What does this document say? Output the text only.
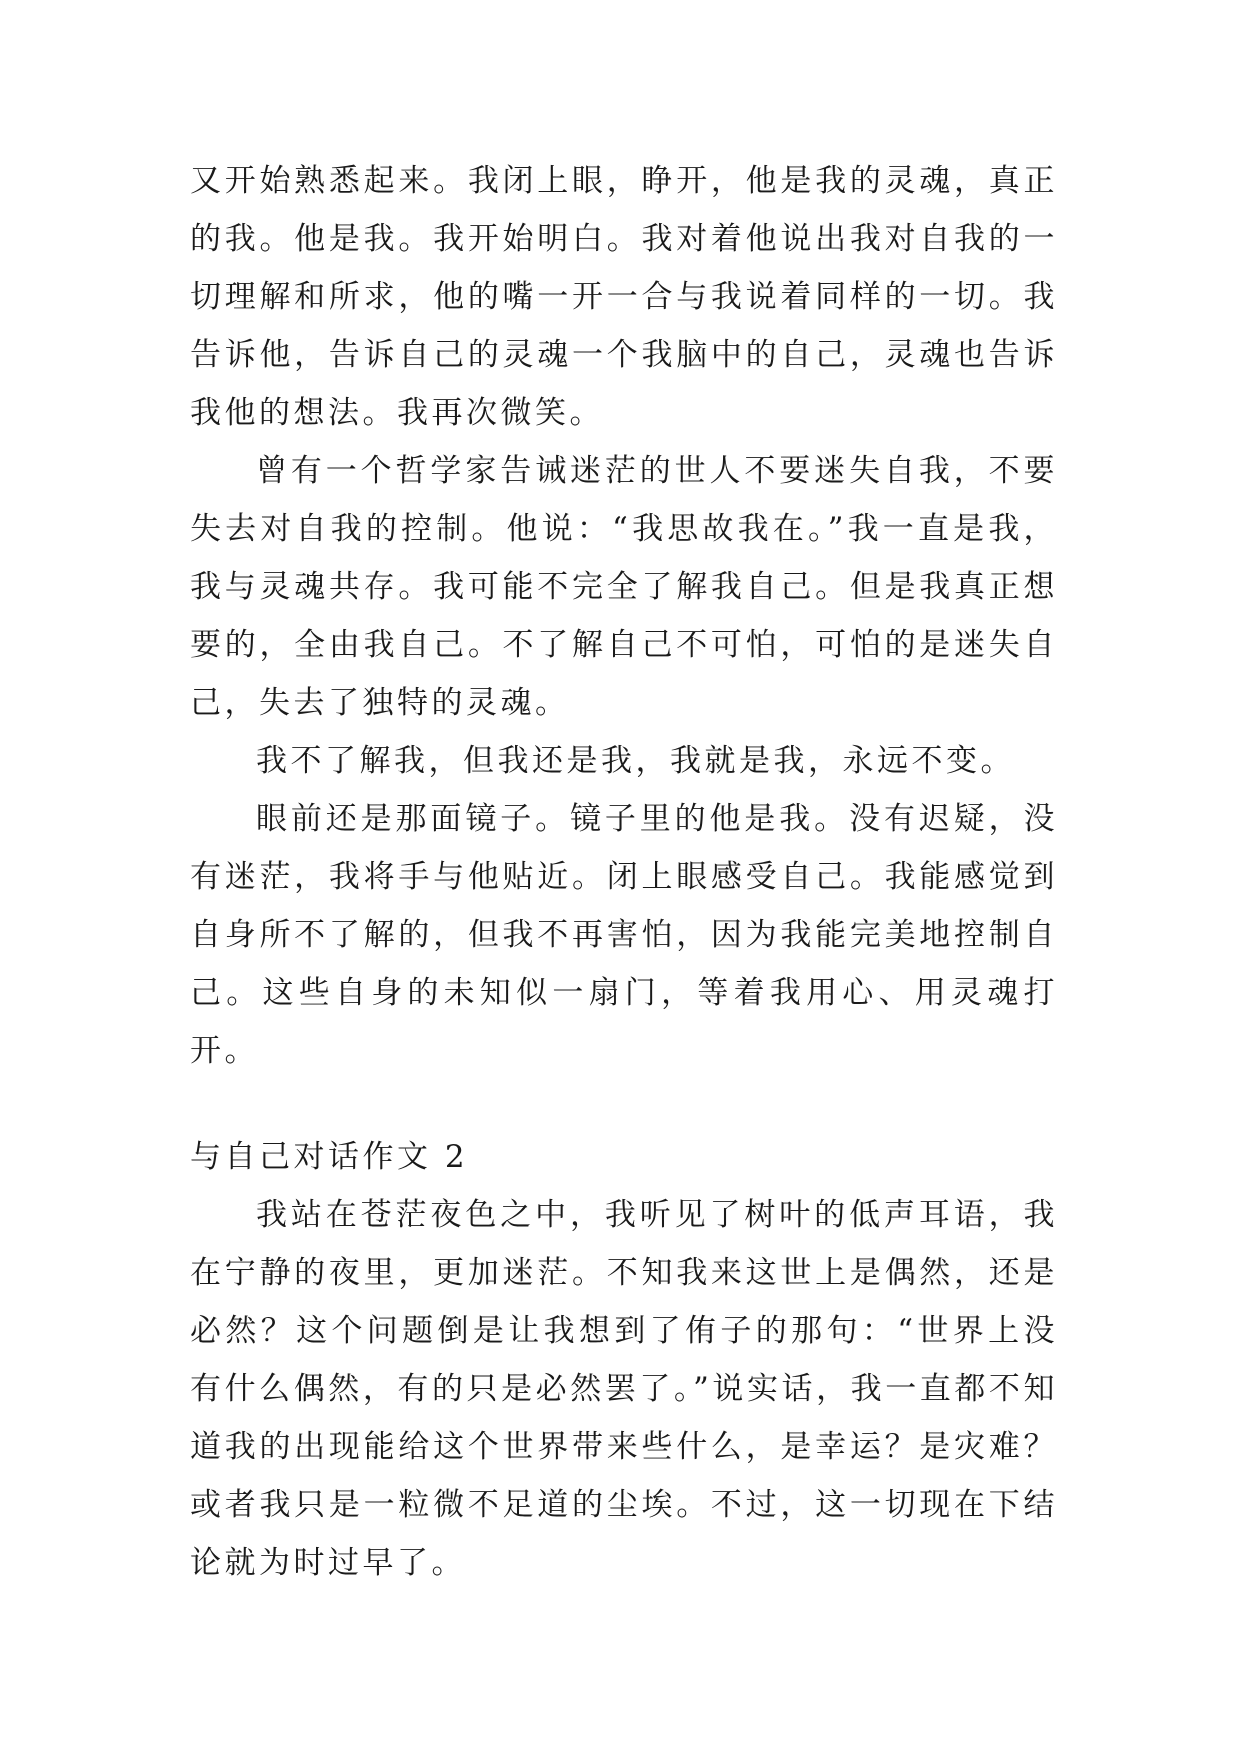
又开始熟悉起来。我闭上眼，睁开，他是我的灵魂，真正的我。他是我。我开始明白。我对着他说出我对自我的一切理解和所求，他的嘴一开一合与我说着同样的一切。我告诉他，告诉自己的灵魂一个我脑中的自己，灵魂也告诉我他的想法。我再次微笑。

曾有一个哲学家告诫迷茫的世人不要迷失自我，不要失去对自我的控制。他说：“我思故我在。”我一直是我，我与灵魂共存。我可能不完全了解我自己。但是我真正想要的，全由我自己。不了解自己不可怕，可怕的是迷失自己，失去了独特的灵魂。

我不了解我，但我还是我，我就是我，永远不变。

眼前还是那面镜子。镜子里的他是我。没有迟疑，没有迷茫，我将手与他贴近。闭上眼感受自己。我能感觉到自身所不了解的，但我不再害怕，因为我能完美地控制自己。这些自身的未知似一扇门，等着我用心、用灵魂打开。

与自己对话作文 2

我站在苍茫夜色之中，我听见了树叶的低声耳语，我在宁静的夜里，更加迷茫。不知我来这世上是偶然，还是必然？这个问题倒是让我想到了侑子的那句：“世界上没有什么偶然，有的只是必然罢了。”说实话，我一直都不知道我的出现能给这个世界带来些什么，是幸运？是灾难？或者我只是一粒微不足道的尘埃。不过，这一切现在下结论就为时过早了。
